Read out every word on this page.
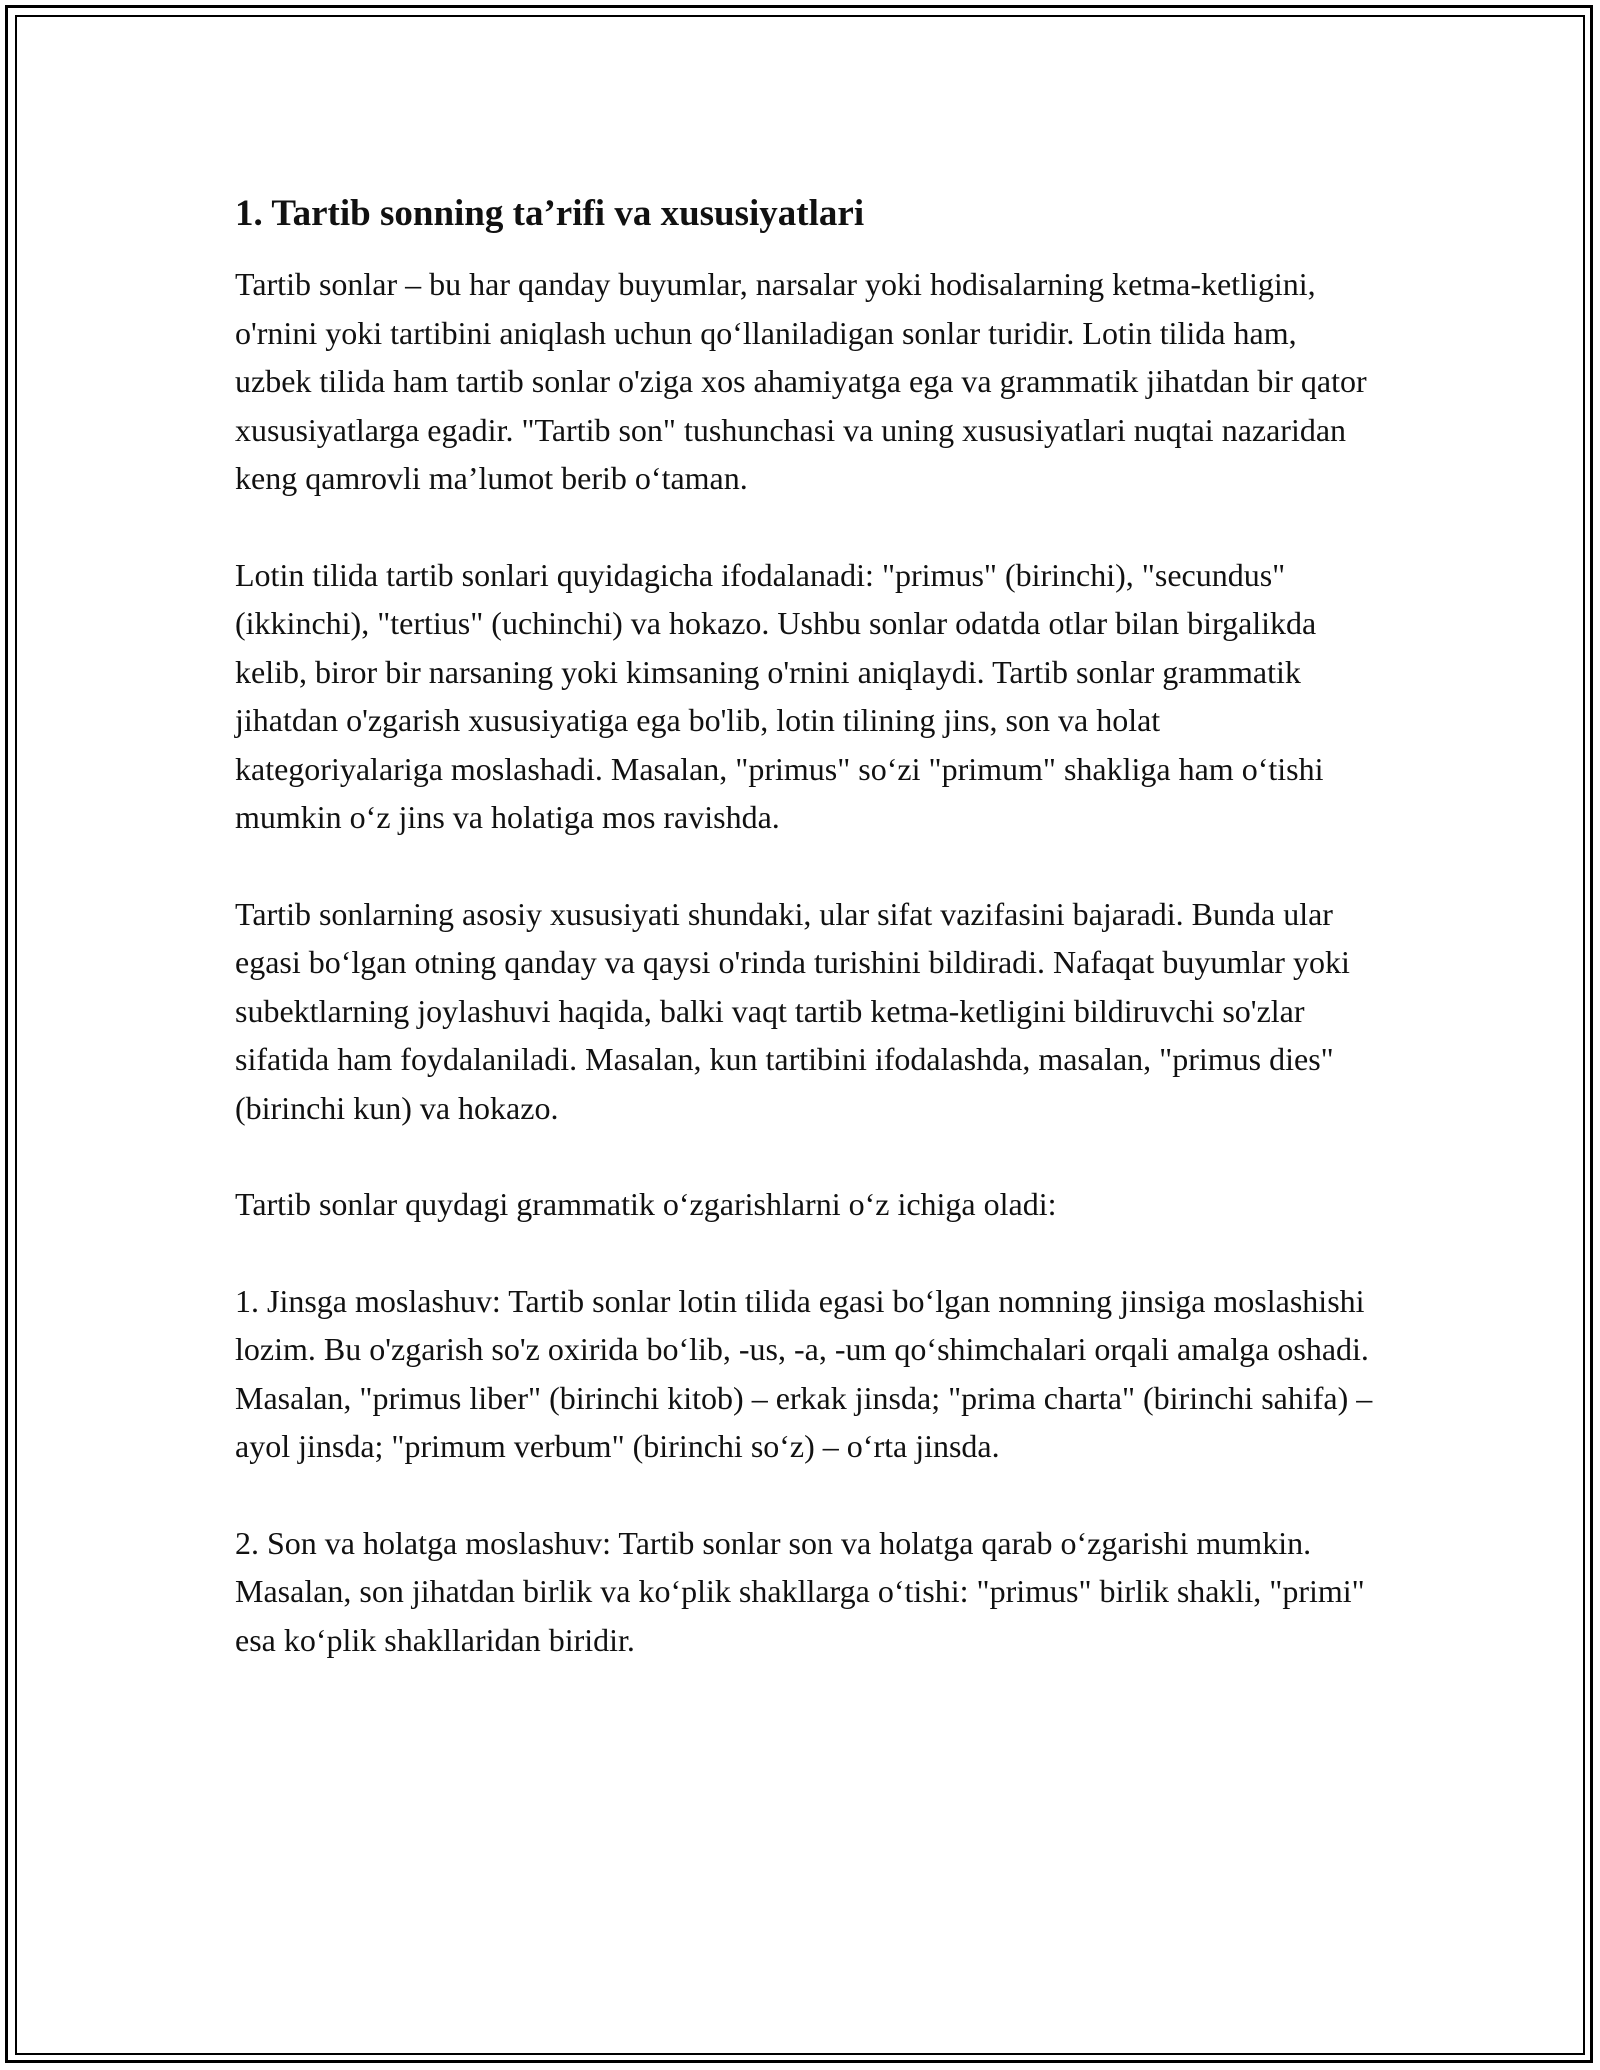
1. Tartib sonning ta’rifi va xususiyatlari

Tartib sonlar – bu har qanday buyumlar, narsalar yoki hodisalarning ketma-ketligini, o'rnini yoki tartibini aniqlash uchun qoʻllaniladigan sonlar turidir. Lotin tilida ham, uzbek tilida ham tartib sonlar o'ziga xos ahamiyatga ega va grammatik jihatdan bir qator xususiyatlarga egadir. "Tartib son" tushunchasi va uning xususiyatlari nuqtai nazaridan keng qamrovli ma’lumot berib oʻtaman.

Lotin tilida tartib sonlari quyidagicha ifodalanadi: "primus" (birinchi), "secundus" (ikkinchi), "tertius" (uchinchi) va hokazo. Ushbu sonlar odatda otlar bilan birgalikda kelib, biror bir narsaning yoki kimsaning o'rnini aniqlaydi. Tartib sonlar grammatik jihatdan o'zgarish xususiyatiga ega bo'lib, lotin tilining jins, son va holat kategoriyalariga moslashadi. Masalan, "primus" soʻzi "primum" shakliga ham oʻtishi mumkin oʻz jins va holatiga mos ravishda.

Tartib sonlarning asosiy xususiyati shundaki, ular sifat vazifasini bajaradi. Bunda ular egasi boʻlgan otning qanday va qaysi o'rinda turishini bildiradi. Nafaqat buyumlar yoki subektlarning joylashuvi haqida, balki vaqt tartib ketma-ketligini bildiruvchi so'zlar sifatida ham foydalaniladi. Masalan, kun tartibini ifodalashda, masalan, "primus dies" (birinchi kun) va hokazo.

Tartib sonlar quydagi grammatik oʻzgarishlarni oʻz ichiga oladi:

1. Jinsga moslashuv: Tartib sonlar lotin tilida egasi boʻlgan nomning jinsiga moslashishi lozim. Bu o'zgarish so'z oxirida boʻlib, -us, -a, -um qoʻshimchalari orqali amalga oshadi. Masalan, "primus liber" (birinchi kitob) – erkak jinsda; "prima charta" (birinchi sahifa) – ayol jinsda; "primum verbum" (birinchi soʻz) – oʻrta jinsda.

2. Son va holatga moslashuv: Tartib sonlar son va holatga qarab oʻzgarishi mumkin. Masalan, son jihatdan birlik va koʻplik shakllarga oʻtishi: "primus" birlik shakli, "primi" esa koʻplik shakllaridan biridir.
